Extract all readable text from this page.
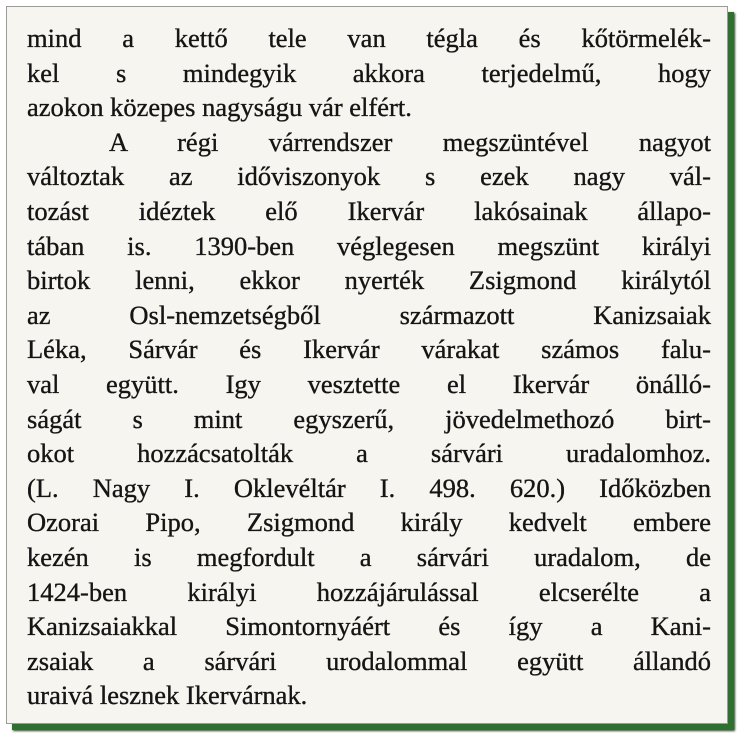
mind a kettő tele van tégla és kőtörmelék-
kel s mindegyik akkora terjedelmű, hogy
azokon közepes nagyságu vár elfért.
A régi várrendszer megszüntével nagyot
változtak az időviszonyok s ezek nagy vál-
tozást idéztek elő Ikervár lakósainak állapo-
tában is. 1390-ben véglegesen megszünt királyi
birtok lenni, ekkor nyerték Zsigmond királytól
az Osl-nemzetségből származott Kanizsaiak
Léka, Sárvár és Ikervár várakat számos falu-
val együtt. Igy vesztette el Ikervár önálló-
ságát s mint egyszerű, jövedelmethozó birt-
okot hozzácsatolták a sárvári uradalomhoz.
(L. Nagy I. Oklevéltár I. 498. 620.) Időközben
Ozorai Pipo, Zsigmond király kedvelt embere
kezén is megfordult a sárvári uradalom, de
1424-ben királyi hozzájárulással elcserélte a
Kanizsaiakkal Simontornyáért és így a Kani-
zsaiak a sárvári urodalommal együtt állandó
uraivá lesznek Ikervárnak.
